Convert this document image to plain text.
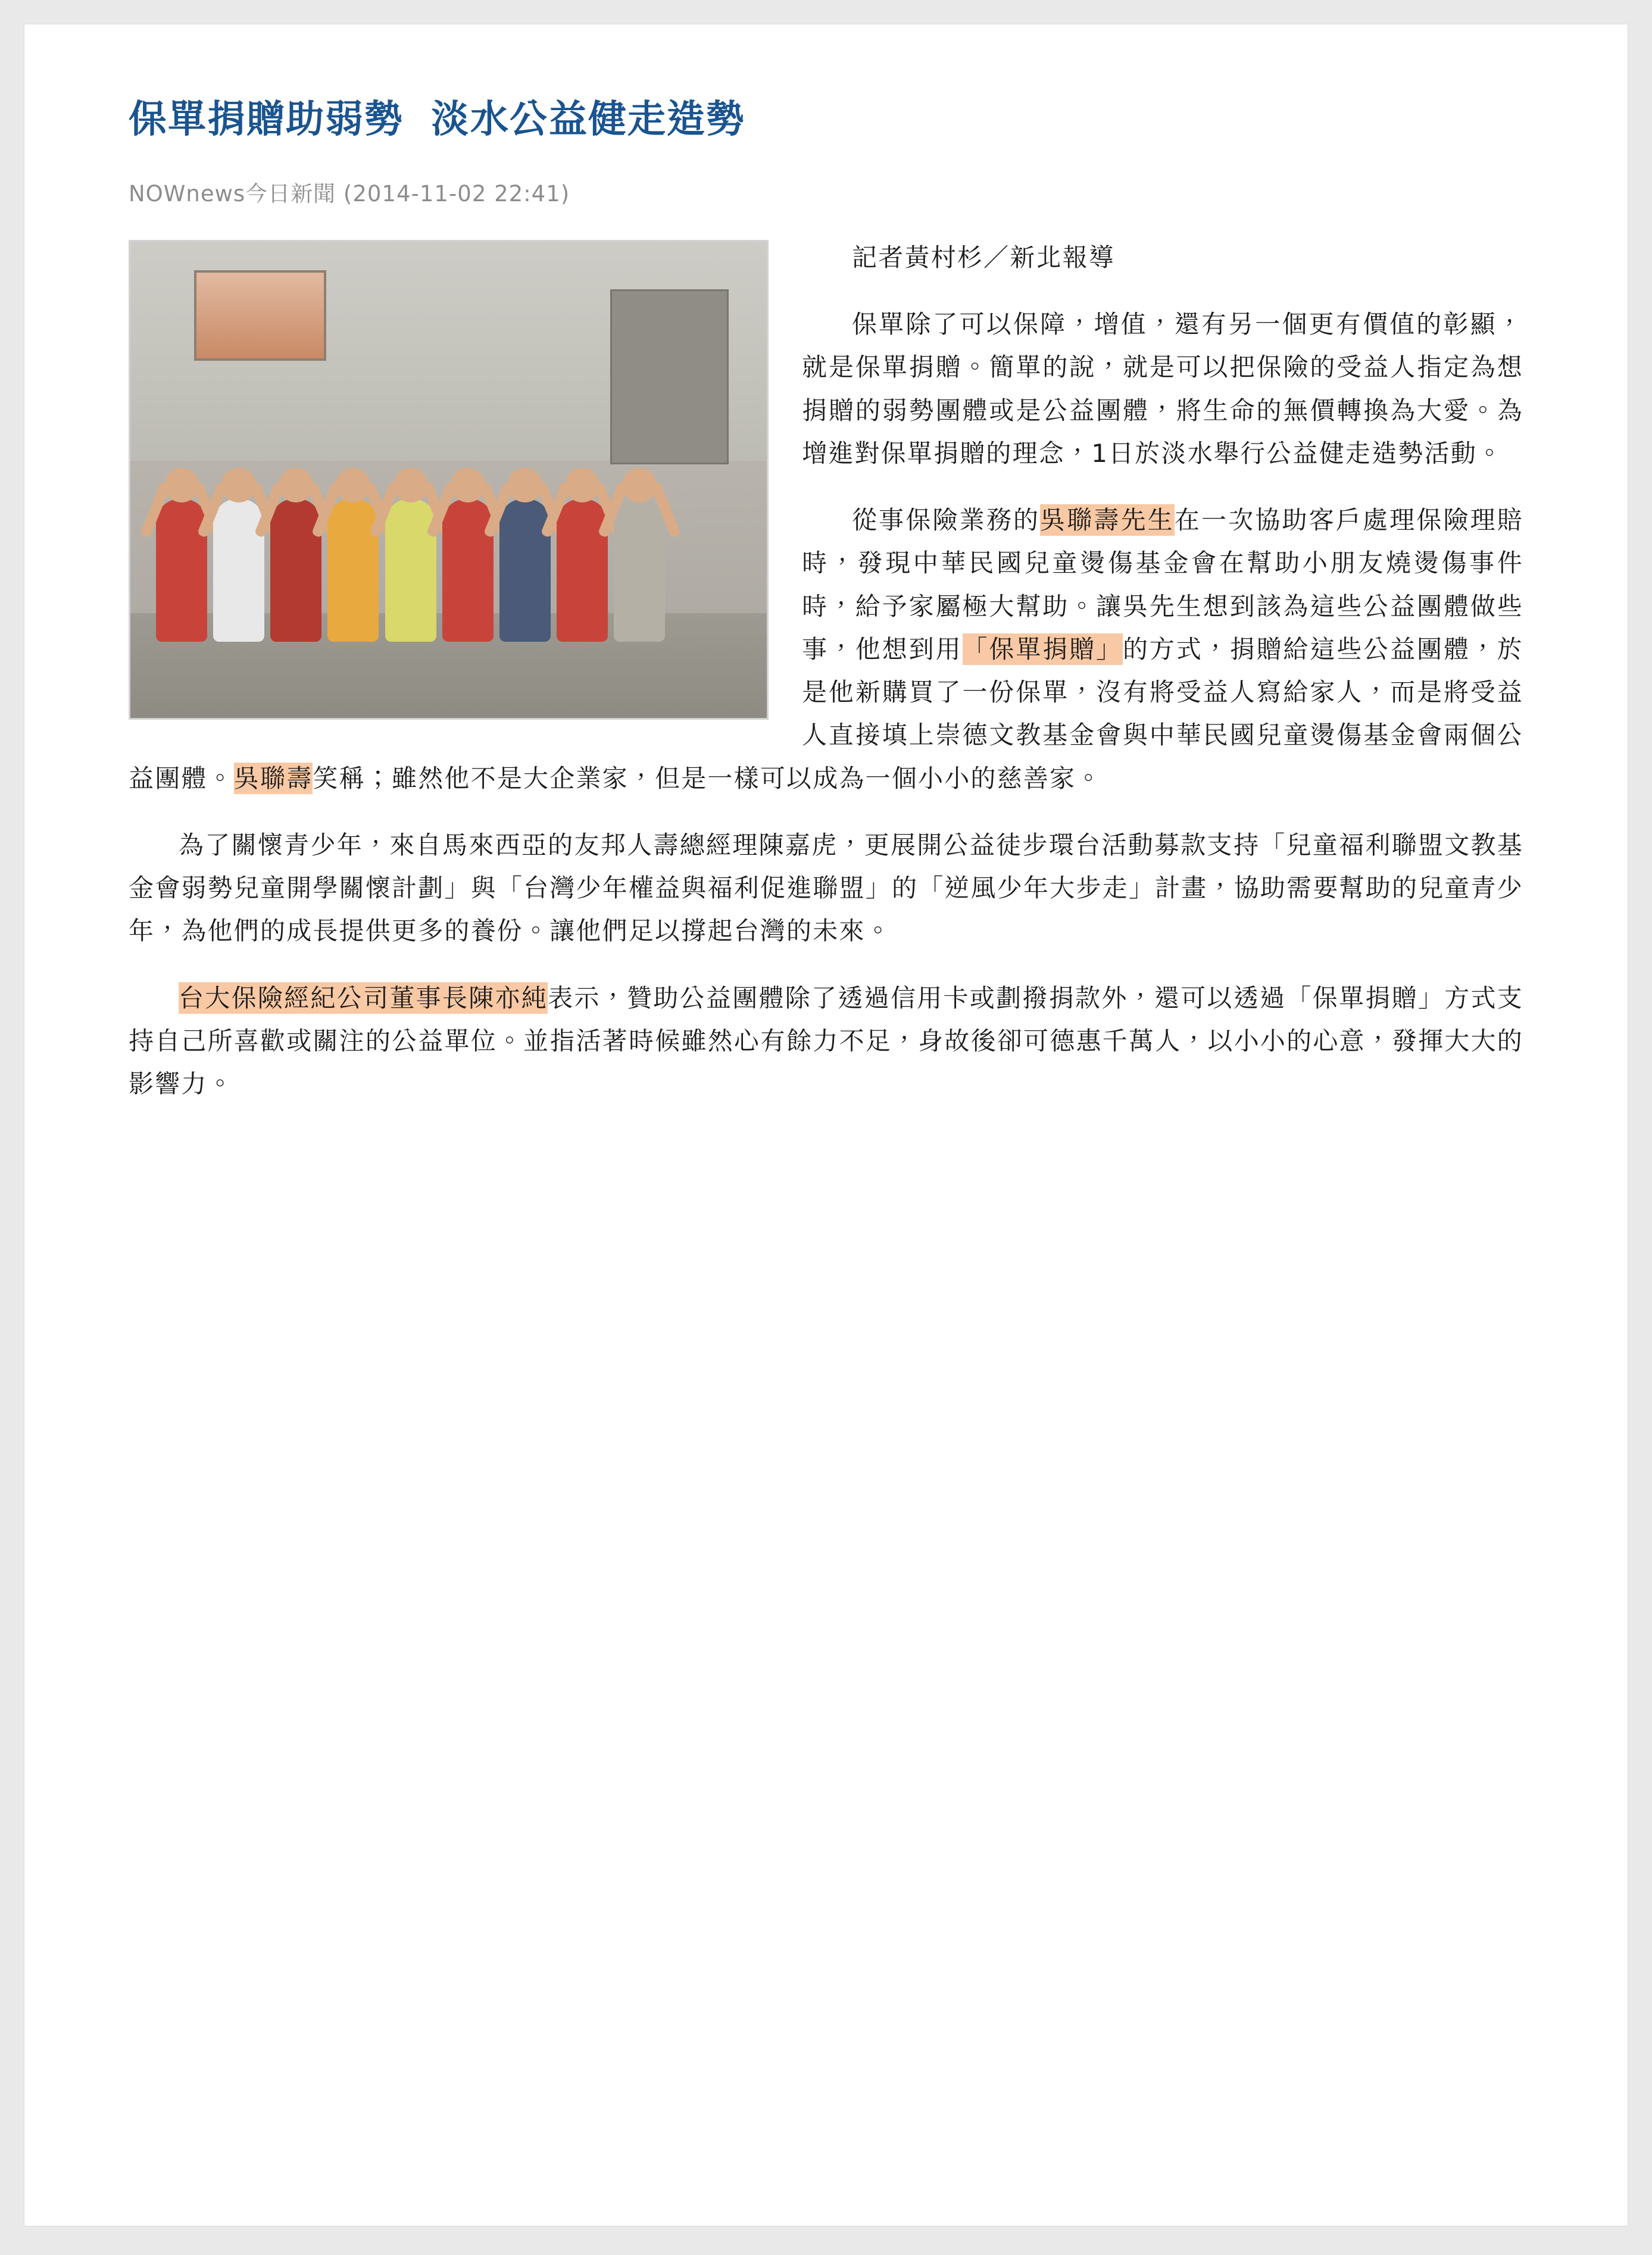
保單捐贈助弱勢 淡水公益健走造勢
NOWnews今日新聞 (2014-11-02 22:41)

記者黃村杉／新北報導

保單除了可以保障，增值，還有另一個更有價值的彰顯，就是保單捐贈。簡單的說，就是可以把保險的受益人指定為想捐贈的弱勢團體或是公益團體，將生命的無價轉換為大愛。為增進對保單捐贈的理念，1日於淡水舉行公益健走造勢活動。

從事保險業務的吳聯壽先生在一次協助客戶處理保險理賠時，發現中華民國兒童燙傷基金會在幫助小朋友燒燙傷事件時，給予家屬極大幫助。讓吳先生想到該為這些公益團體做些事，他想到用「保單捐贈」的方式，捐贈給這些公益團體，於是他新購買了一份保單，沒有將受益人寫給家人，而是將受益人直接填上崇德文教基金會與中華民國兒童燙傷基金會兩個公益團體。吳聯壽笑稱；雖然他不是大企業家，但是一樣可以成為一個小小的慈善家。

為了關懷青少年，來自馬來西亞的友邦人壽總經理陳嘉虎，更展開公益徒步環台活動募款支持「兒童福利聯盟文教基金會弱勢兒童開學關懷計劃」與「台灣少年權益與福利促進聯盟」的「逆風少年大步走」計畫，協助需要幫助的兒童青少年，為他們的成長提供更多的養份。讓他們足以撐起台灣的未來。

台大保險經紀公司董事長陳亦純表示，贊助公益團體除了透過信用卡或劃撥捐款外，還可以透過「保單捐贈」方式支持自己所喜歡或關注的公益單位。並指活著時候雖然心有餘力不足，身故後卻可德惠千萬人，以小小的心意，發揮大大的影響力。
